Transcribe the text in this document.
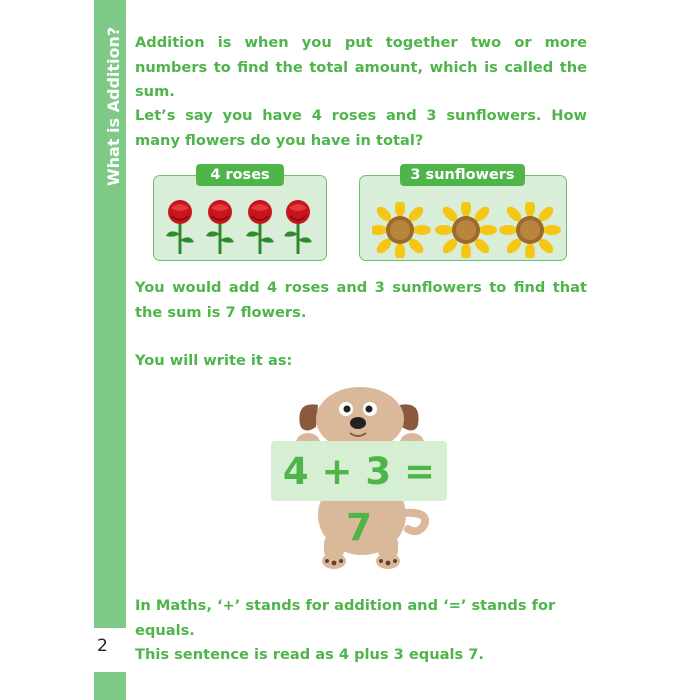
What is Addition?
2

Addition is when you put together two or more numbers to find the total amount, which is called the sum.

Let’s say you have 4 roses and 3 sunflowers. How many flowers do you have in total?

4 roses	3 sunflowers

You would add 4 roses and 3 sunflowers to find that the sum is 7 flowers.

You will write it as:

4 + 3 = 7

In Maths, ‘+’ stands for addition and ‘=’ stands for equals.

This sentence is read as 4 plus 3 equals 7.
